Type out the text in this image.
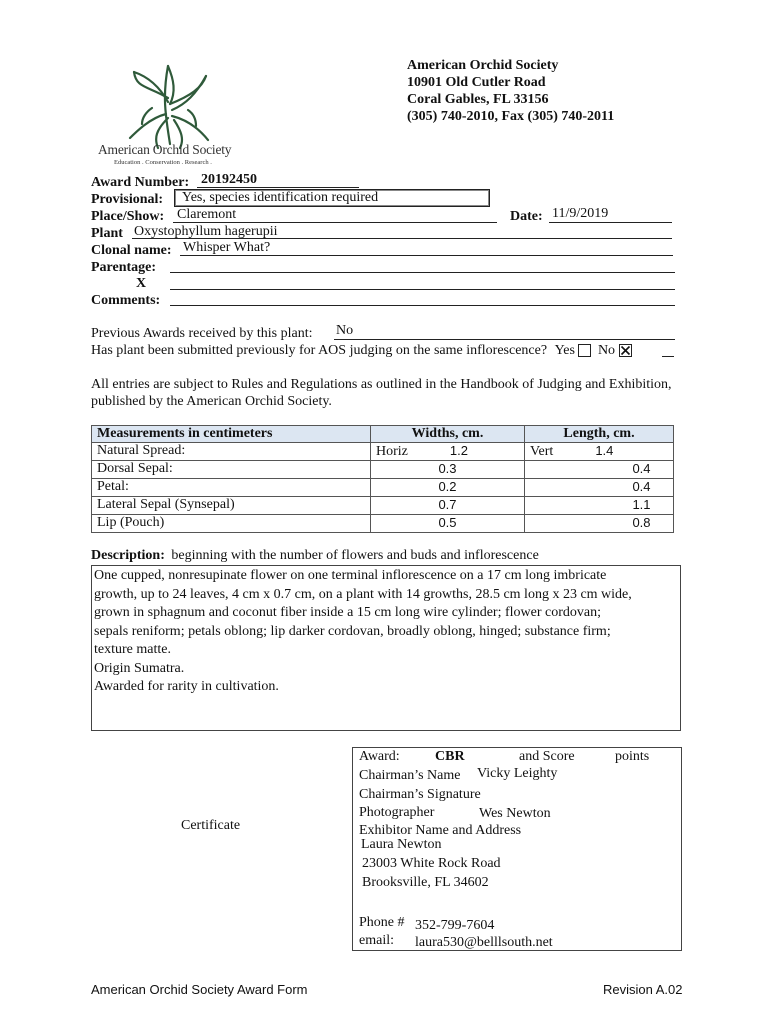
American Orchid Society
Education . Conservation . Research .
American Orchid Society
10901 Old Cutler Road
Coral Gables, FL 33156
(305) 740-2010, Fax (305) 740-2011
Award Number: 20192450
Provisional: Yes, species identification required
Place/Show: Claremont	Date: 11/9/2019
Plant Oxystophyllum hagerupii
Clonal name: Whisper What?
Parentage:
X
Comments:
Previous Awards received by this plant: No
Has plant been submitted previously for AOS judging on the same inflorescence? Yes No
All entries are subject to Rules and Regulations as outlined in the Handbook of Judging and Exhibition, published by the American Orchid Society.
Measurements in centimeters	Widths, cm.	Length, cm.
Natural Spread:	Horiz 1.2	Vert 1.4
Dorsal Sepal:	0.3	0.4
Petal:	0.2	0.4
Lateral Sepal (Synsepal)	0.7	1.1
Lip (Pouch)	0.5	0.8
Description: beginning with the number of flowers and buds and inflorescence
One cupped, nonresupinate flower on one terminal inflorescence on a 17 cm long imbricate
growth, up to 24 leaves, 4 cm x 0.7 cm, on a plant with 14 growths, 28.5 cm long x 23 cm wide,
grown in sphagnum and coconut fiber inside a 15 cm long wire cylinder; flower cordovan;
sepals reniform; petals oblong; lip darker cordovan, broadly oblong, hinged; substance firm;
texture matte.
Origin Sumatra.
Awarded for rarity in cultivation.
Certificate
Award:	CBR	and Score	points
Chairman’s Name Vicky Leighty
Chairman’s Signature
Photographer	Wes Newton
Exhibitor Name and Address
Laura Newton
23003 White Rock Road
Brooksville, FL 34602
Phone # 352-799-7604
email: laura530@belllsouth.net
American Orchid Society Award Form	Revision A.02
